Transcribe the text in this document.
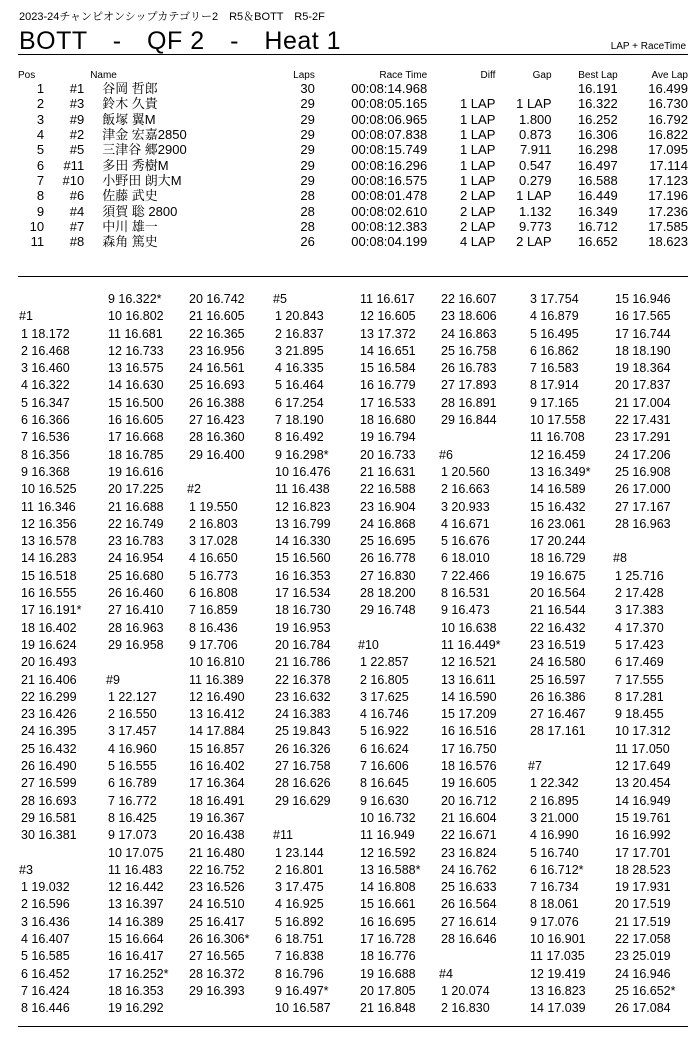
2023-24チャンピオンシップカテゴリー2　R5＆BOTT　R5-2F
BOTT　-　QF 2　-　Heat 1	LAP + RaceTime
Pos		Name	Laps	Race Time	Diff	Gap	Best Lap	Ave Lap
1	#1	谷岡 哲郎	30	00:08:14.968			16.191	16.499
2	#3	鈴木 久貴	29	00:08:05.165	1 LAP	1 LAP	16.322	16.730
3	#9	飯塚 翼M	29	00:08:06.965	1 LAP	1.800	16.252	16.792
4	#2	津金 宏嘉2850	29	00:08:07.838	1 LAP	0.873	16.306	16.822
5	#5	三津谷 郷2900	29	00:08:15.749	1 LAP	7.911	16.298	17.095
6	#11	多田 秀樹M	29	00:08:16.296	1 LAP	0.547	16.497	17.114
7	#10	小野田 朗大M	29	00:08:16.575	1 LAP	0.279	16.588	17.123
8	#6	佐藤 武史	28	00:08:01.478	2 LAP	1 LAP	16.449	17.196
9	#4	須賀 聡 2800	28	00:08:02.610	2 LAP	1.132	16.349	17.236
10	#7	中川 雄一	28	00:08:12.383	2 LAP	9.773	16.712	17.585
11	#8	森角 篤史	26	00:08:04.199	4 LAP	2 LAP	16.652	18.623
#1
1 18.172
2 16.468
3 16.460
4 16.322
5 16.347
6 16.366
7 16.536
8 16.356
9 16.368
10 16.525
11 16.346
12 16.356
13 16.578
14 16.283
15 16.518
16 16.555
17 16.191*
18 16.402
19 16.624
20 16.493
21 16.406
22 16.299
23 16.426
24 16.395
25 16.432
26 16.490
27 16.599
28 16.693
29 16.581
30 16.381
#3
1 19.032
2 16.596
3 16.436
4 16.407
5 16.585
6 16.452
7 16.424
8 16.446
9 16.322*
10 16.802
11 16.681
12 16.733
13 16.575
14 16.630
15 16.500
16 16.605
17 16.668
18 16.785
19 16.616
20 17.225
21 16.688
22 16.749
23 16.783
24 16.954
25 16.680
26 16.460
27 16.410
28 16.963
29 16.958
#9
1 22.127
2 16.550
3 17.457
4 16.960
5 16.555
6 16.789
7 16.772
8 16.425
9 17.073
10 17.075
11 16.483
12 16.442
13 16.397
14 16.389
15 16.664
16 16.417
17 16.252*
18 16.353
19 16.292
20 16.742
21 16.605
22 16.365
23 16.956
24 16.561
25 16.693
26 16.388
27 16.423
28 16.360
29 16.400
#2
1 19.550
2 16.803
3 17.028
4 16.650
5 16.773
6 16.808
7 16.859
8 16.436
9 17.706
10 16.810
11 16.389
12 16.490
13 16.412
14 17.884
15 16.857
16 16.402
17 16.364
18 16.491
19 16.367
20 16.438
21 16.480
22 16.752
23 16.526
24 16.510
25 16.417
26 16.306*
27 16.565
28 16.372
29 16.393
#5
1 20.843
2 16.837
3 21.895
4 16.335
5 16.464
6 17.254
7 18.190
8 16.492
9 16.298*
10 16.476
11 16.438
12 16.823
13 16.799
14 16.330
15 16.560
16 16.353
17 16.534
18 16.730
19 16.953
20 16.784
21 16.786
22 16.378
23 16.632
24 16.383
25 19.843
26 16.326
27 16.758
28 16.626
29 16.629
#11
1 23.144
2 16.801
3 17.475
4 16.925
5 16.892
6 18.751
7 16.838
8 16.796
9 16.497*
10 16.587
11 16.617
12 16.605
13 17.372
14 16.651
15 16.584
16 16.779
17 16.533
18 16.680
19 16.794
20 16.733
21 16.631
22 16.588
23 16.904
24 16.868
25 16.695
26 16.778
27 16.830
28 18.200
29 16.748
#10
1 22.857
2 16.805
3 17.625
4 16.746
5 16.922
6 16.624
7 16.606
8 16.645
9 16.630
10 16.732
11 16.949
12 16.592
13 16.588*
14 16.808
15 16.661
16 16.695
17 16.728
18 16.776
19 16.688
20 17.805
21 16.848
22 16.607
23 18.606
24 16.863
25 16.758
26 16.783
27 17.893
28 16.891
29 16.844
#6
1 20.560
2 16.663
3 20.933
4 16.671
5 16.676
6 18.010
7 22.466
8 16.531
9 16.473
10 16.638
11 16.449*
12 16.521
13 16.611
14 16.590
15 17.209
16 16.516
17 16.750
18 16.576
19 16.605
20 16.712
21 16.604
22 16.671
23 16.824
24 16.762
25 16.633
26 16.564
27 16.614
28 16.646
#4
1 20.074
2 16.830
3 17.754
4 16.879
5 16.495
6 16.862
7 16.583
8 17.914
9 17.165
10 17.558
11 16.708
12 16.459
13 16.349*
14 16.589
15 16.432
16 23.061
17 20.244
18 16.729
19 16.675
20 16.564
21 16.544
22 16.432
23 16.519
24 16.580
25 16.597
26 16.386
27 16.467
28 17.161
#7
1 22.342
2 16.895
3 21.000
4 16.990
5 16.740
6 16.712*
7 16.734
8 18.061
9 17.076
10 16.901
11 17.035
12 19.419
13 16.823
14 17.039
15 16.946
16 17.565
17 16.744
18 18.190
19 18.364
20 17.837
21 17.004
22 17.431
23 17.291
24 17.206
25 16.908
26 17.000
27 17.167
28 16.963
#8
1 25.716
2 17.428
3 17.383
4 17.370
5 17.423
6 17.469
7 17.555
8 17.281
9 18.455
10 17.312
11 17.050
12 17.649
13 20.454
14 16.949
15 19.761
16 16.992
17 17.701
18 28.523
19 17.931
20 17.519
21 17.519
22 17.058
23 25.019
24 16.946
25 16.652*
26 17.084
